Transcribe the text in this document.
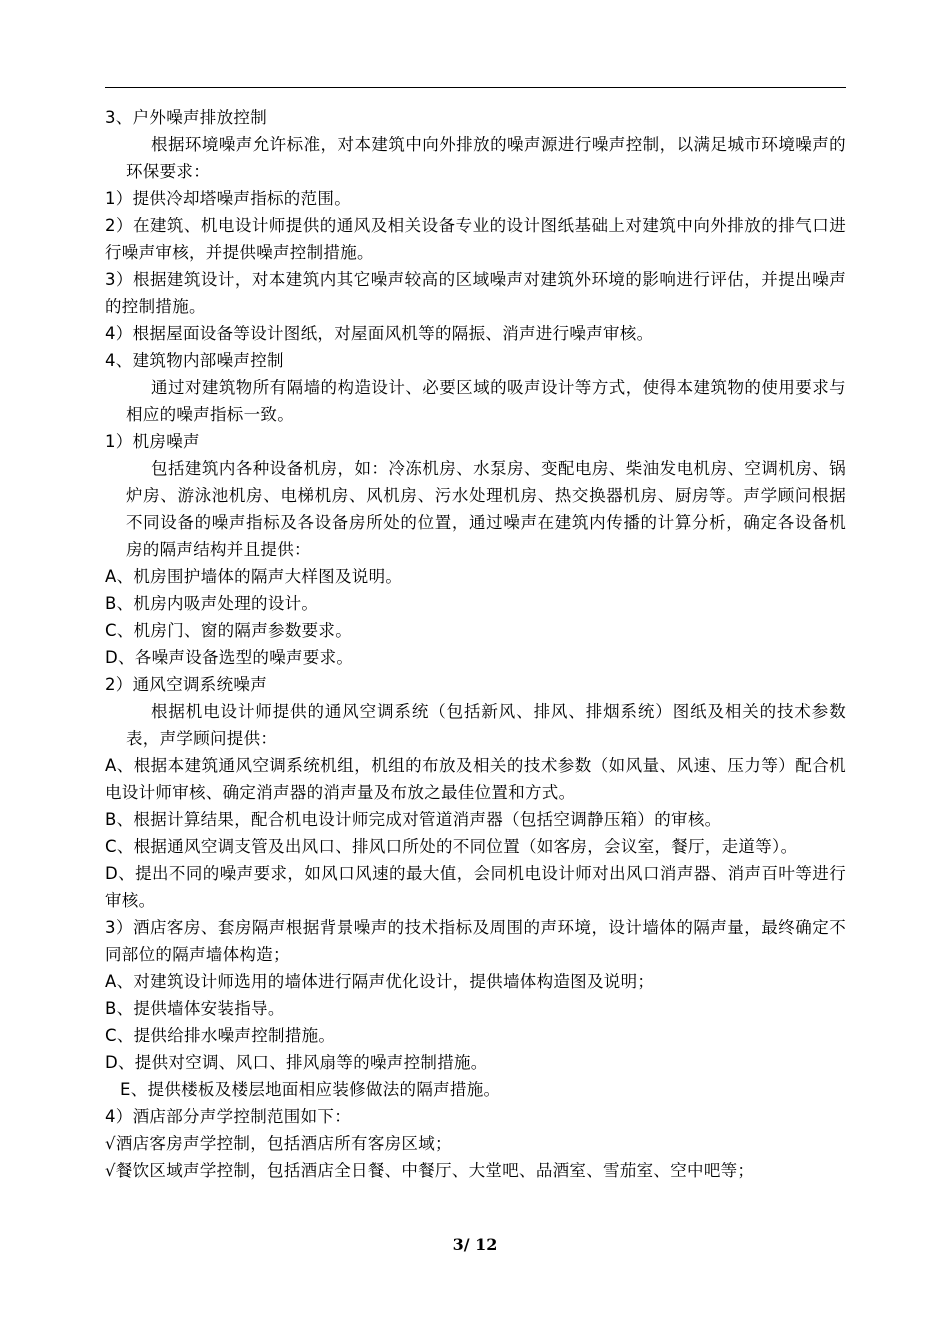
3、户外噪声排放控制

根据环境噪声允许标准，对本建筑中向外排放的噪声源进行噪声控制，以满足城市环境噪声的环保要求：

1）提供冷却塔噪声指标的范围。

2）在建筑、机电设计师提供的通风及相关设备专业的设计图纸基础上对建筑中向外排放的排气口进行噪声审核，并提供噪声控制措施。

3）根据建筑设计，对本建筑内其它噪声较高的区域噪声对建筑外环境的影响进行评估，并提出噪声的控制措施。

4）根据屋面设备等设计图纸，对屋面风机等的隔振、消声进行噪声审核。

4、建筑物内部噪声控制

通过对建筑物所有隔墙的构造设计、必要区域的吸声设计等方式，使得本建筑物的使用要求与相应的噪声指标一致。

1）机房噪声

包括建筑内各种设备机房，如：冷冻机房、水泵房、变配电房、柴油发电机房、空调机房、锅炉房、游泳池机房、电梯机房、风机房、污水处理机房、热交换器机房、厨房等。声学顾问根据不同设备的噪声指标及各设备房所处的位置，通过噪声在建筑内传播的计算分析，确定各设备机房的隔声结构并且提供：

A、机房围护墙体的隔声大样图及说明。

B、机房内吸声处理的设计。

C、机房门、窗的隔声参数要求。

D、各噪声设备选型的噪声要求。

2）通风空调系统噪声

根据机电设计师提供的通风空调系统（包括新风、排风、排烟系统）图纸及相关的技术参数表，声学顾问提供：

A、根据本建筑通风空调系统机组，机组的布放及相关的技术参数（如风量、风速、压力等）配合机电设计师审核、确定消声器的消声量及布放之最佳位置和方式。

B、根据计算结果，配合机电设计师完成对管道消声器（包括空调静压箱）的审核。

C、根据通风空调支管及出风口、排风口所处的不同位置（如客房，会议室，餐厅，走道等）。

D、提出不同的噪声要求，如风口风速的最大值，会同机电设计师对出风口消声器、消声百叶等进行审核。

3）酒店客房、套房隔声根据背景噪声的技术指标及周围的声环境，设计墙体的隔声量，最终确定不同部位的隔声墙体构造；

A、对建筑设计师选用的墙体进行隔声优化设计，提供墙体构造图及说明；

B、提供墙体安装指导。

C、提供给排水噪声控制措施。

D、提供对空调、风口、排风扇等的噪声控制措施。

E、提供楼板及楼层地面相应装修做法的隔声措施。

4）酒店部分声学控制范围如下：

√酒店客房声学控制，包括酒店所有客房区域；

√餐饮区域声学控制，包括酒店全日餐、中餐厅、大堂吧、品酒室、雪茄室、空中吧等；

3/ 12
